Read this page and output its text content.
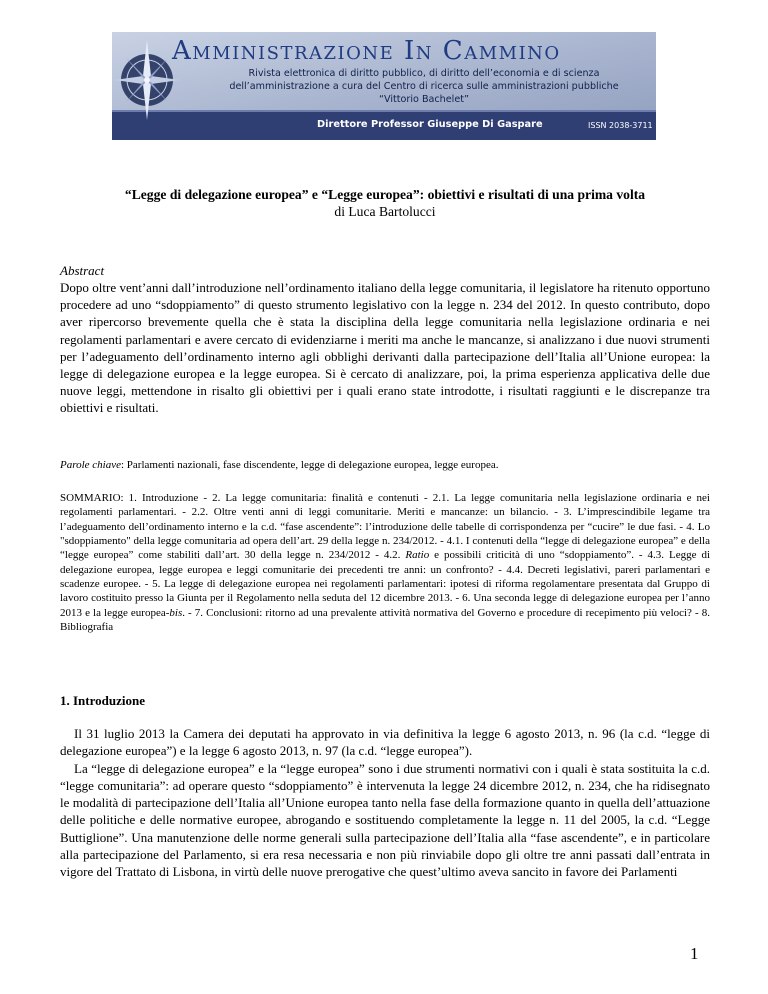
Amministrazione In Cammino
Rivista elettronica di diritto pubblico, di diritto dell’economia e di scienza
dell’amministrazione a cura del Centro di ricerca sulle amministrazioni pubbliche
“Vittorio Bachelet”
Direttore Professor Giuseppe Di Gaspare	ISSN 2038-3711
“Legge di delegazione europea” e “Legge europea”: obiettivi e risultati di una prima volta
di Luca Bartolucci
Abstract
Dopo oltre vent’anni dall’introduzione nell’ordinamento italiano della legge comunitaria, il legislatore ha ritenuto opportuno procedere ad uno “sdoppiamento” di questo strumento legislativo con la legge n. 234 del 2012. In questo contributo, dopo aver ripercorso brevemente quella che è stata la disciplina della legge comunitaria nella legislazione ordinaria e nei regolamenti parlamentari e avere cercato di evidenziarne i meriti ma anche le mancanze, si analizzano i due nuovi strumenti per l’adeguamento dell’ordinamento interno agli obblighi derivanti dalla partecipazione dell’Italia all’Unione europea: la legge di delegazione europea e la legge europea. Si è cercato di analizzare, poi, la prima esperienza applicativa delle due nuove leggi, mettendone in risalto gli obiettivi per i quali erano state introdotte, i risultati raggiunti e le discrepanze tra obiettivi e risultati.
Parole chiave: Parlamenti nazionali, fase discendente, legge di delegazione europea, legge europea.
SOMMARIO: 1. Introduzione - 2. La legge comunitaria: finalità e contenuti - 2.1. La legge comunitaria nella legislazione ordinaria e nei regolamenti parlamentari. - 2.2. Oltre venti anni di leggi comunitarie. Meriti e mancanze: un bilancio. - 3. L’imprescindibile legame tra l’adeguamento dell’ordinamento interno e la c.d. “fase ascendente”: l’introduzione delle tabelle di corrispondenza per “cucire” le due fasi. - 4. Lo "sdoppiamento" della legge comunitaria ad opera dell’art. 29 della legge n. 234/2012. - 4.1. I contenuti della “legge di delegazione europea” e della “legge europea” come stabiliti dall’art. 30 della legge n. 234/2012 - 4.2. Ratio e possibili criticità di uno “sdoppiamento”. - 4.3. Legge di delegazione europea, legge europea e leggi comunitarie dei precedenti tre anni: un confronto? - 4.4. Decreti legislativi, pareri parlamentari e scadenze europee. - 5. La legge di delegazione europea nei regolamenti parlamentari: ipotesi di riforma regolamentare presentata dal Gruppo di lavoro costituito presso la Giunta per il Regolamento nella seduta del 12 dicembre 2013. - 6. Una seconda legge di delegazione europea per l’anno 2013 e la legge europea-bis. - 7. Conclusioni: ritorno ad una prevalente attività normativa del Governo e procedure di recepimento più veloci? - 8. Bibliografia
1. Introduzione

Il 31 luglio 2013 la Camera dei deputati ha approvato in via definitiva la legge 6 agosto 2013, n. 96 (la c.d. “legge di delegazione europea”) e la legge 6 agosto 2013, n. 97 (la c.d. “legge europea”).

La “legge di delegazione europea” e la “legge europea” sono i due strumenti normativi con i quali è stata sostituita la c.d. “legge comunitaria”: ad operare questo “sdoppiamento” è intervenuta la legge 24 dicembre 2012, n. 234, che ha ridisegnato le modalità di partecipazione dell’Italia all’Unione europea tanto nella fase della formazione quanto in quella dell’attuazione delle politiche e delle normative europee, abrogando e sostituendo completamente la legge n. 11 del 2005, la c.d. “Legge Buttiglione”. Una manutenzione delle norme generali sulla partecipazione dell’Italia alla “fase ascendente”, e in particolare alla partecipazione del Parlamento, si era resa necessaria e non più rinviabile dopo gli oltre tre anni passati dall’entrata in vigore del Trattato di Lisbona, in virtù delle nuove prerogative che quest’ultimo aveva sancito in favore dei Parlamenti

1
